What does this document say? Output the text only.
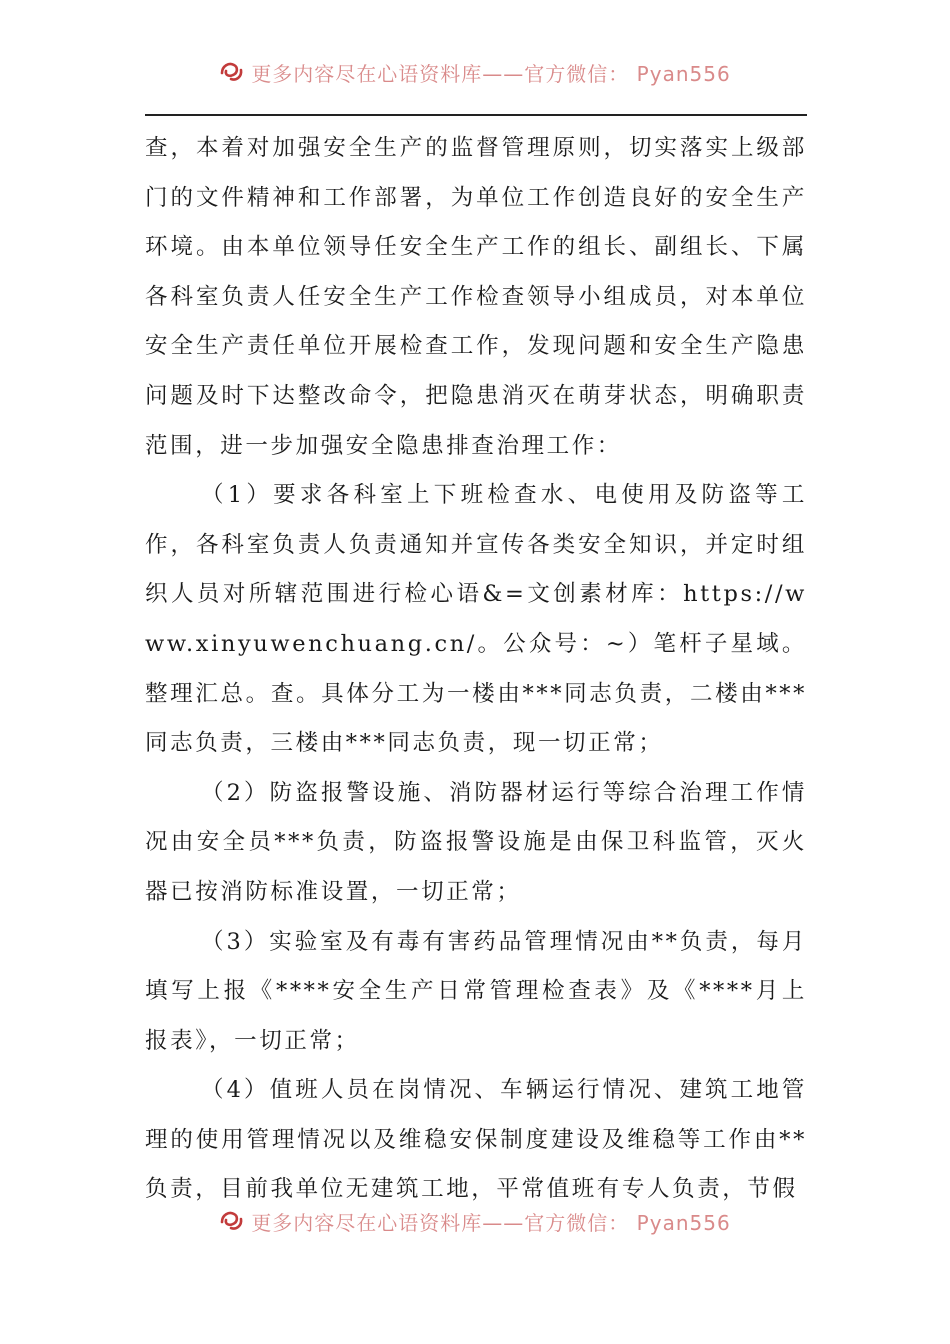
更多内容尽在心语资料库——官方微信： Pyan556

查，本着对加强安全生产的监督管理原则，切实落实上级部门的文件精神和工作部署，为单位工作创造良好的安全生产环境。由本单位领导任安全生产工作的组长、副组长、下属各科室负责人任安全生产工作检查领导小组成员，对本单位安全生产责任单位开展检查工作，发现问题和安全生产隐患问题及时下达整改命令，把隐患消灭在萌芽状态，明确职责范围，进一步加强安全隐患排查治理工作：

（1）要求各科室上下班检查水、电使用及防盗等工作，各科室负责人负责通知并宣传各类安全知识，并定时组织人员对所辖范围进行检心语&=文创素材库：https://www.xinyuwenchuang.cn/。公众号：~）笔杆子星域。整理汇总。查。具体分工为一楼由***同志负责，二楼由***同志负责，三楼由***同志负责，现一切正常；

（2）防盗报警设施、消防器材运行等综合治理工作情况由安全员***负责，防盗报警设施是由保卫科监管，灭火器已按消防标准设置，一切正常；

（3）实验室及有毒有害药品管理情况由**负责，每月填写上报《****安全生产日常管理检查表》及《****月上报表》，一切正常；

（4）值班人员在岗情况、车辆运行情况、建筑工地管理的使用管理情况以及维稳安保制度建设及维稳等工作由**负责，目前我单位无建筑工地，平常值班有专人负责，节假

更多内容尽在心语资料库——官方微信： Pyan556
